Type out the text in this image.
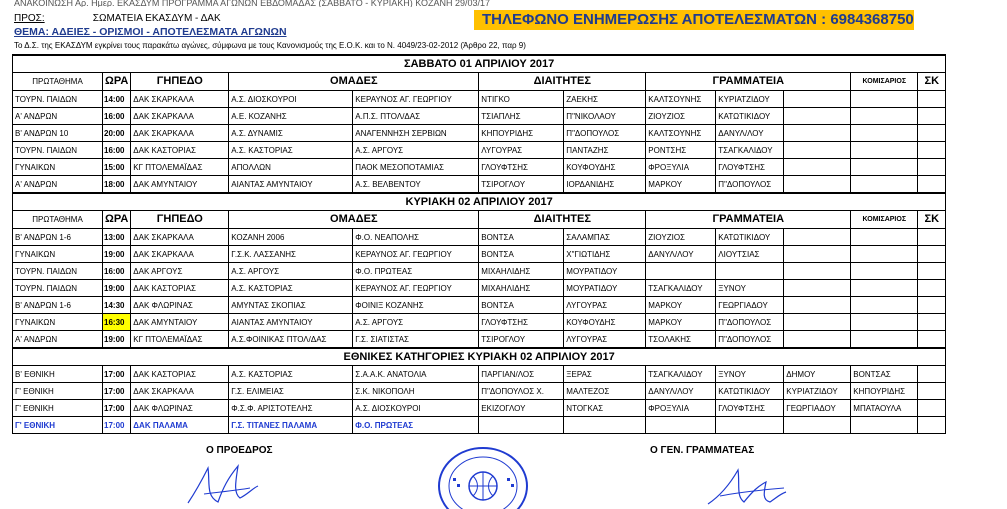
ΑΝΑΚΟΙΝΩΣΗ Αρ. Ημερ. ΕΚΑΣΔΥΜ ΠΡΟΓΡΑΜΜΑ ΑΓΩΝΩΝ ΕΒΔΟΜΑΔΑΣ (ΣΑΒΒΑΤΟ - ΚΥΡΙΑΚΗ) ΚΟΖΑΝΗ 29/03/17
ΠΡΟΣ:	ΣΩΜΑΤΕΙΑ ΕΚΑΣΔΥΜ - ΔΑΚ
ΘΕΜΑ: ΑΔΕΙΕΣ - ΟΡΙΣΜΟΙ - ΑΠΟΤΕΛΕΣΜΑΤΑ ΑΓΩΝΩΝ
Το Δ.Σ. της ΕΚΑΣΔΥΜ εγκρίνει τους παρακάτω αγώνες, σύμφωνα με τους Κανονισμούς της Ε.Ο.Κ. και το Ν. 4049/23-02-2012 (Άρθρο 22, παρ 9)
ΤΗΛΕΦΩΝΟ ΕΝΗΜΕΡΩΣΗΣ ΑΠΟΤΕΛΕΣΜΑΤΩΝ : 6984368750
ΣΑΒΒΑΤΟ 01 ΑΠΡΙΛΙΟΥ 2017											
ΠΡΩΤΑΘΗΜΑ	ΩΡΑ	ΓΗΠΕΔΟ	ΟΜΑΔΕΣ		ΔΙΑΙΤΗΤΕΣ		ΓΡΑΜΜΑΤΕΙΑ			ΚΟΜΙΣΑΡΙΟΣ	ΣΚ
ΤΟΥΡΝ. ΠΑΙΔΩΝ	14:00	ΔΑΚ ΣΚΑΡΚΑΛΑ	Α.Σ. ΔΙΟΣΚΟΥΡΟΙ	ΚΕΡΑΥΝΟΣ ΑΓ. ΓΕΩΡΓΙΟΥ	ΝΤΙΓΚΟ	ΖΑΕΚΗΣ	ΚΑΛΤΣΟΥΝΗΣ	ΚΥΡΙΑΤΖΙΔΟΥ			
Α' ΑΝΔΡΩΝ	16:00	ΔΑΚ ΣΚΑΡΚΑΛΑ	Α.Ε. ΚΟΖΑΝΗΣ	Α.Π.Σ. ΠΤΟΛ/ΔΑΣ	ΤΣΙΑΠΛΗΣ	Π"ΝΙΚΟΛΑΟΥ	ΖΙΟΥΖΙΟΣ	ΚΑΤΩΤΙΚΙΔΟΥ			
Β' ΑΝΔΡΩΝ 10	20:00	ΔΑΚ ΣΚΑΡΚΑΛΑ	Α.Σ. ΔΥΝΑΜΙΣ	ΑΝΑΓΕΝΝΗΣΗ ΣΕΡΒΙΩΝ	ΚΗΠΟΥΡΙΔΗΣ	Π"ΔΟΠΟΥΛΟΣ	ΚΑΛΤΣΟΥΝΗΣ	ΔΑΝΥΛ/ΛΟΥ			
ΤΟΥΡΝ. ΠΑΙΔΩΝ	16:00	ΔΑΚ ΚΑΣΤΟΡΙΑΣ	Α.Σ. ΚΑΣΤΟΡΙΑΣ	Α.Σ. ΑΡΓΟΥΣ	ΛΥΓΟΥΡΑΣ	ΠΑΝΤΑΖΗΣ	ΡΟΝΤΣΗΣ	ΤΣΑΓΚΑΛΙΔΟΥ			
ΓΥΝΑΙΚΩΝ	15:00	ΚΓ ΠΤΟΛΕΜΑΪΔΑΣ	ΑΠΟΛΛΩΝ	ΠΑΟΚ ΜΕΣΟΠΟΤΑΜΙΑΣ	ΓΛΟΥΦΤΣΗΣ	ΚΟΥΦΟΥΔΗΣ	ΦΡΟΞΥΛΙΑ	ΓΛΟΥΦΤΣΗΣ			
Α' ΑΝΔΡΩΝ	18:00	ΔΑΚ ΑΜΥΝΤΑΙΟΥ	ΑΙΑΝΤΑΣ ΑΜΥΝΤΑΙΟΥ	Α.Σ. ΒΕΛΒΕΝΤΟΥ	ΤΣΙΡΟΓΛΟΥ	ΙΟΡΔΑΝΙΔΗΣ	ΜΑΡΚΟΥ	Π"ΔΟΠΟΥΛΟΣ			
ΚΥΡΙΑΚΗ 02 ΑΠΡΙΛΙΟΥ 2017											
ΠΡΩΤΑΘΗΜΑ	ΩΡΑ	ΓΗΠΕΔΟ	ΟΜΑΔΕΣ		ΔΙΑΙΤΗΤΕΣ		ΓΡΑΜΜΑΤΕΙΑ			ΚΟΜΙΣΑΡΙΟΣ	ΣΚ
Β' ΑΝΔΡΩΝ 1-6	13:00	ΔΑΚ ΣΚΑΡΚΑΛΑ	ΚΟΖΑΝΗ 2006	Φ.Ο. ΝΕΑΠΟΛΗΣ	ΒΟΝΤΣΑ	ΣΑΛΑΜΠΑΣ	ΖΙΟΥΖΙΟΣ	ΚΑΤΩΤΙΚΙΔΟΥ			
ΓΥΝΑΙΚΩΝ	19:00	ΔΑΚ ΣΚΑΡΚΑΛΑ	Γ.Σ.Κ. ΛΑΣΣΑΝΗΣ	ΚΕΡΑΥΝΟΣ ΑΓ. ΓΕΩΡΓΙΟΥ	ΒΟΝΤΣΑ	Χ"ΓΙΩΤΙΔΗΣ	ΔΑΝΥΛ/ΛΟΥ	ΛΙΟΥΤΣΙΑΣ			
ΤΟΥΡΝ. ΠΑΙΔΩΝ	16:00	ΔΑΚ ΑΡΓΟΥΣ	Α.Σ. ΑΡΓΟΥΣ	Φ.Ο. ΠΡΩΤΕΑΣ	ΜΙΧΑΗΛΙΔΗΣ	ΜΟΥΡΑΤΙΔΟΥ					
ΤΟΥΡΝ. ΠΑΙΔΩΝ	19:00	ΔΑΚ ΚΑΣΤΟΡΙΑΣ	Α.Σ. ΚΑΣΤΟΡΙΑΣ	ΚΕΡΑΥΝΟΣ ΑΓ. ΓΕΩΡΓΙΟΥ	ΜΙΧΑΗΛΙΔΗΣ	ΜΟΥΡΑΤΙΔΟΥ	ΤΣΑΓΚΑΛΙΔΟΥ	ΞΥΝΟΥ			
Β' ΑΝΔΡΩΝ 1-6	14:30	ΔΑΚ ΦΛΩΡΙΝΑΣ	ΑΜΥΝΤΑΣ ΣΚΟΠΙΑΣ	ΦΟΙΝΙΞ ΚΟΖΑΝΗΣ	ΒΟΝΤΣΑ	ΛΥΓΟΥΡΑΣ	ΜΑΡΚΟΥ	ΓΕΩΡΓΙΑΔΟΥ			
ΓΥΝΑΙΚΩΝ	16:30	ΔΑΚ ΑΜΥΝΤΑΙΟΥ	ΑΙΑΝΤΑΣ ΑΜΥΝΤΑΙΟΥ	Α.Σ. ΑΡΓΟΥΣ	ΓΛΟΥΦΤΣΗΣ	ΚΟΥΦΟΥΔΗΣ	ΜΑΡΚΟΥ	Π"ΔΟΠΟΥΛΟΣ			
Α' ΑΝΔΡΩΝ	19:00	ΚΓ ΠΤΟΛΕΜΑΪΔΑΣ	Α.Σ.ΦΟΙΝΙΚΑΣ ΠΤΟΛ/ΔΑΣ	Γ.Σ. ΣΙΑΤΙΣΤΑΣ	ΤΣΙΡΟΓΛΟΥ	ΛΥΓΟΥΡΑΣ	ΤΣΟΛΑΚΗΣ	Π"ΔΟΠΟΥΛΟΣ			
ΕΘΝΙΚΕΣ ΚΑΤΗΓΟΡΙΕΣ ΚΥΡΙΑΚΗ 02 ΑΠΡΙΛΙΟΥ 2017											
Β' ΕΘΝΙΚΗ	17:00	ΔΑΚ ΚΑΣΤΟΡΙΑΣ	Α.Σ. ΚΑΣΤΟΡΙΑΣ	Σ.Α.Α.Κ. ΑΝΑΤΟΛΙΑ	ΠΑΡΓΙΑΝ/ΛΟΣ	ΞΕΡΑΣ	ΤΣΑΓΚΑΛΙΔΟΥ	ΞΥΝΟΥ	ΔΗΜΟΥ	ΒΟΝΤΣΑΣ	
Γ' ΕΘΝΙΚΗ	17:00	ΔΑΚ ΣΚΑΡΚΑΛΑ	Γ.Σ. ΕΛΙΜΕΙΑΣ	Σ.Κ. ΝΙΚΟΠΟΛΗ	Π"ΔΟΠΟΥΛΟΣ Χ.	ΜΑΛΤΕΖΟΣ	ΔΑΝΥΛ/ΛΟΥ	ΚΑΤΩΤΙΚΙΔΟΥ	ΚΥΡΙΑΤΖΙΔΟΥ	ΚΗΠΟΥΡΙΔΗΣ	
Γ' ΕΘΝΙΚΗ	17:00	ΔΑΚ ΦΛΩΡΙΝΑΣ	Φ.Σ.Φ. ΑΡΙΣΤΟΤΕΛΗΣ	Α.Σ. ΔΙΟΣΚΟΥΡΟΙ	ΕΚΙΖΟΓΛΟΥ	ΝΤΟΓΚΑΣ	ΦΡΟΞΥΛΙΑ	ΓΛΟΥΦΤΣΗΣ	ΓΕΩΡΓΙΑΔΟΥ	ΜΠΑΤΑΟΥΛΑ	
Γ' ΕΘΝΙΚΗ	17:00	ΔΑΚ ΠΑΛΑΜΑ	Γ.Σ. ΤΙΤΑΝΕΣ ΠΑΛΑΜΑ	Φ.Ο. ΠΡΩΤΕΑΣ							
Ο ΠΡΟΕΔΡΟΣ	Ο ΓΕΝ. ΓΡΑΜΜΑΤΕΑΣ
